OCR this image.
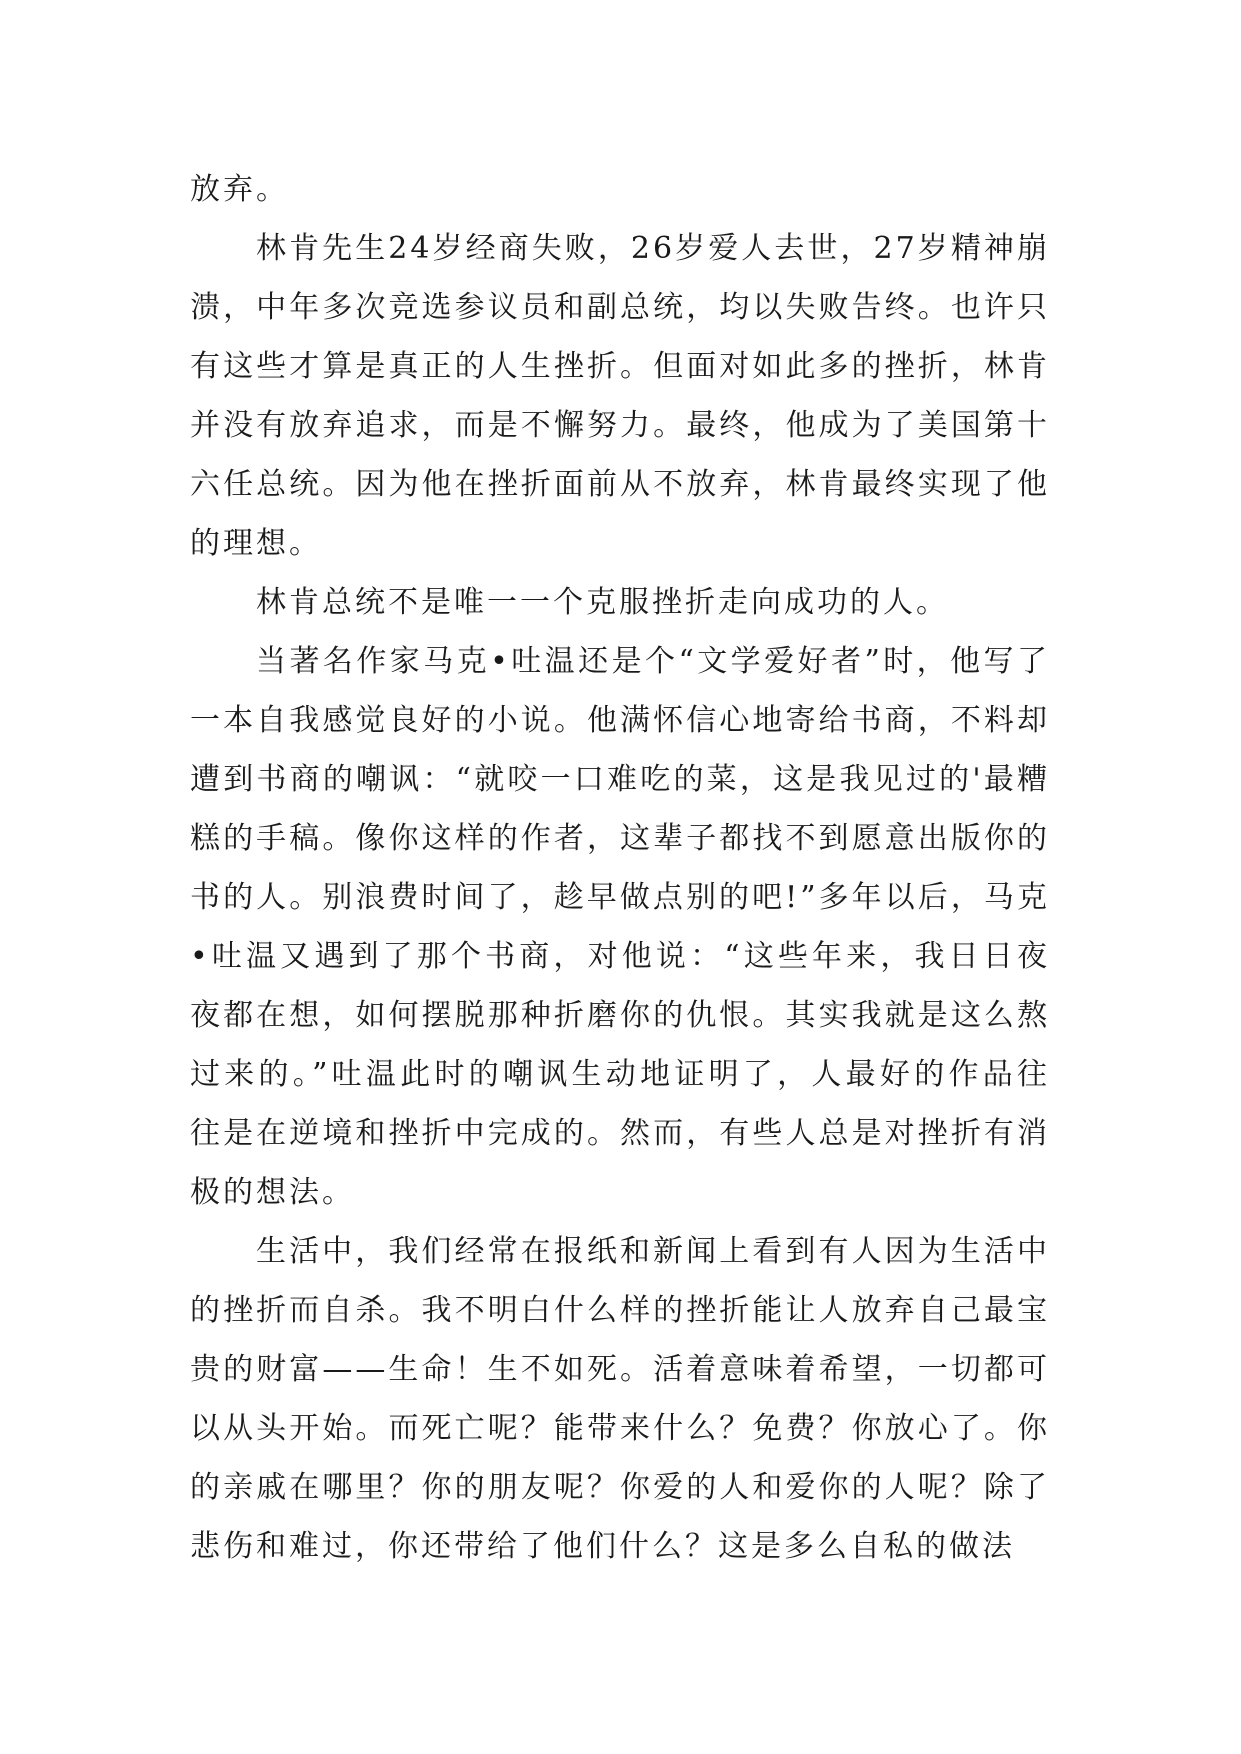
放弃。

林肯先生24岁经商失败，26岁爱人去世，27岁精神崩溃，中年多次竞选参议员和副总统，均以失败告终。也许只有这些才算是真正的人生挫折。但面对如此多的挫折，林肯并没有放弃追求，而是不懈努力。最终，他成为了美国第十六任总统。因为他在挫折面前从不放弃，林肯最终实现了他的理想。

林肯总统不是唯一一个克服挫折走向成功的人。

当著名作家马克•吐温还是个“文学爱好者”时，他写了一本自我感觉良好的小说。他满怀信心地寄给书商，不料却遭到书商的嘲讽：“就咬一口难吃的菜，这是我见过的'最糟糕的手稿。像你这样的作者，这辈子都找不到愿意出版你的书的人。别浪费时间了，趁早做点别的吧!”多年以后，马克•吐温又遇到了那个书商，对他说：“这些年来，我日日夜夜都在想，如何摆脱那种折磨你的仇恨。其实我就是这么熬过来的。”吐温此时的嘲讽生动地证明了，人最好的作品往往是在逆境和挫折中完成的。然而，有些人总是对挫折有消极的想法。

生活中，我们经常在报纸和新闻上看到有人因为生活中的挫折而自杀。我不明白什么样的挫折能让人放弃自己最宝贵的财富——生命！生不如死。活着意味着希望，一切都可以从头开始。而死亡呢？能带来什么？免费？你放心了。你的亲戚在哪里？你的朋友呢？你爱的人和爱你的人呢？除了悲伤和难过，你还带给了他们什么？这是多么自私的做法
